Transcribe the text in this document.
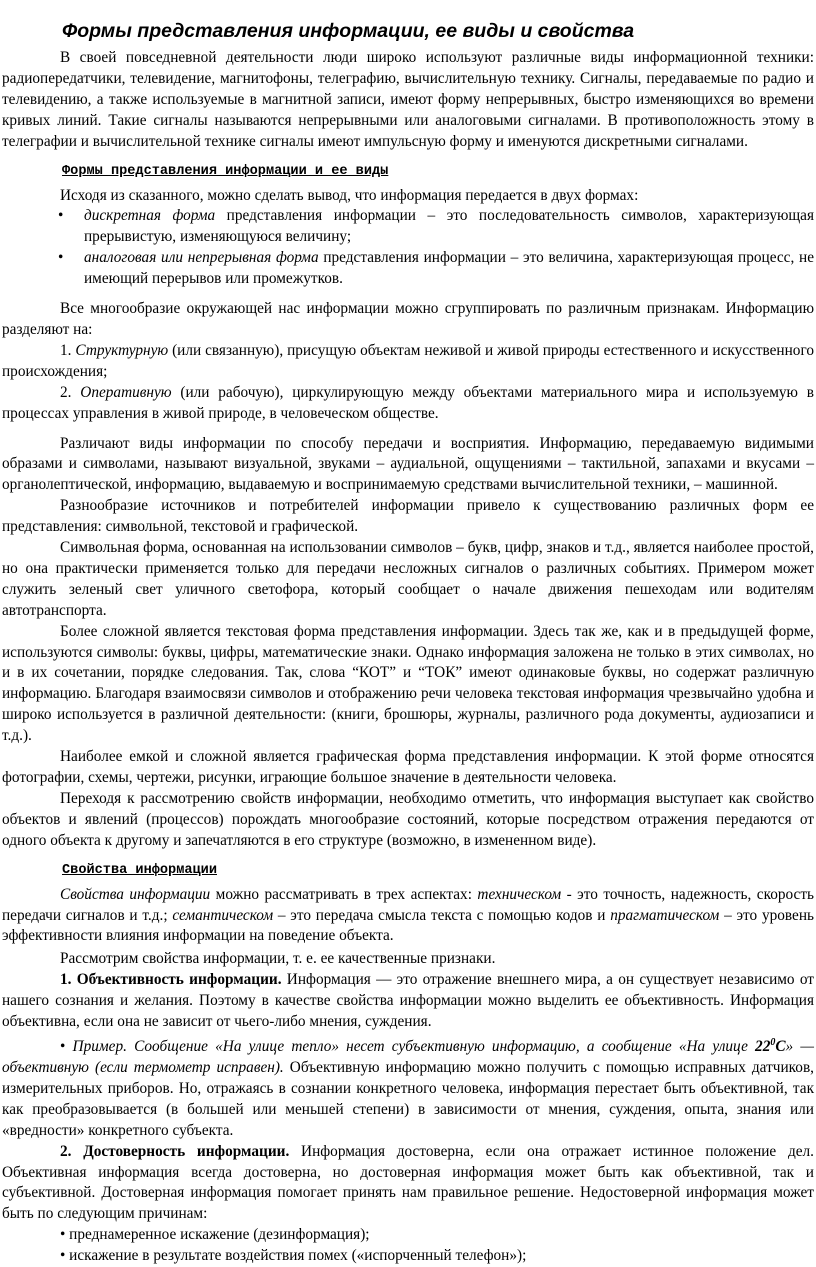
Формы представления информации, ее виды и свойства

В своей повседневной деятельности люди широко используют различные виды информационной техники: радиопередатчики, телевидение, магнитофоны, телеграфию, вычислительную технику. Сигналы, передаваемые по радио и телевидению, а также используемые в магнитной записи, имеют форму непрерывных, быстро изменяющихся во времени кривых линий. Такие сигналы называются непрерывными или аналоговыми сигналами. В противоположность этому в телеграфии и вычислительной технике сигналы имеют импульсную форму и именуются дискретными сигналами.

Формы представления информации и ее виды

Исходя из сказанного, можно сделать вывод, что информация передается в двух формах:

• дискретная форма представления информации – это последовательность символов, характеризующая прерывистую, изменяющуюся величину;
• аналоговая или непрерывная форма представления информации – это величина, характеризующая процесс, не имеющий перерывов или промежутков.

Все многообразие окружающей нас информации можно сгруппировать по различным признакам. Информацию разделяют на:

1. Структурную (или связанную), присущую объектам неживой и живой природы естественного и искусственного происхождения;

2. Оперативную (или рабочую), циркулирующую между объектами материального мира и используемую в процессах управления в живой природе, в человеческом обществе.

Различают виды информации по способу передачи и восприятия. Информацию, передаваемую видимыми образами и символами, называют визуальной, звуками – аудиальной, ощущениями – тактильной, запахами и вкусами – органолептической, информацию, выдаваемую и воспринимаемую средствами вычислительной техники, – машинной.

Разнообразие источников и потребителей информации привело к существованию различных форм ее представления: символьной, текстовой и графической.

Символьная форма, основанная на использовании символов – букв, цифр, знаков и т.д., является наиболее простой, но она практически применяется только для передачи несложных сигналов о различных событиях. Примером может служить зеленый свет уличного светофора, который сообщает о начале движения пешеходам или водителям автотранспорта.

Более сложной является текстовая форма представления информации. Здесь так же, как и в предыдущей форме, используются символы: буквы, цифры, математические знаки. Однако информация заложена не только в этих символах, но и в их сочетании, порядке следования. Так, слова “КОТ” и “ТОК” имеют одинаковые буквы, но содержат различную информацию. Благодаря взаимосвязи символов и отображению речи человека текстовая информация чрезвычайно удобна и широко используется в различной деятельности: (книги, брошюры, журналы, различного рода документы, аудиозаписи и т.д.).

Наиболее емкой и сложной является графическая форма представления информации. К этой форме относятся фотографии, схемы, чертежи, рисунки, играющие большое значение в деятельности человека.

Переходя к рассмотрению свойств информации, необходимо отметить, что информация выступает как свойство объектов и явлений (процессов) порождать многообразие состояний, которые посредством отражения передаются от одного объекта к другому и запечатляются в его структуре (возможно, в измененном виде).

Свойства информации

Свойства информации можно рассматривать в трех аспектах: техническом - это точность, надежность, скорость передачи сигналов и т.д.; семантическом – это передача смысла текста с помощью кодов и прагматическом – это уровень эффективности влияния информации на поведение объекта.

Рассмотрим свойства информации, т. е. ее качественные признаки.

1. Объективность информации. Информация — это отражение внешнего мира, а он существует независимо от нашего сознания и желания. Поэтому в качестве свойства информации можно выделить ее объективность. Информация объективна, если она не зависит от чьего-либо мнения, суждения.

• Пример. Сообщение «На улице тепло» несет субъективную информацию, а сообщение «На улице $22^0С$» — объективную (если термометр исправен). Объективную информацию можно получить с помощью исправных датчиков, измерительных приборов. Но, отражаясь в сознании конкретного человека, информация перестает быть объективной, так как преобразовывается (в большей или меньшей степени) в зависимости от мнения, суждения, опыта, знания или «вредности» конкретного субъекта.

2. Достоверность информации. Информация достоверна, если она отражает истинное положение дел. Объективная информация всегда достоверна, но достоверная информация может быть как объективной, так и субъективной. Достоверная информация помогает принять нам правильное решение. Недостоверной информация может быть по следующим причинам:

• преднамеренное искажение (дезинформация);

• искажение в результате воздействия помех («испорченный телефон»);
